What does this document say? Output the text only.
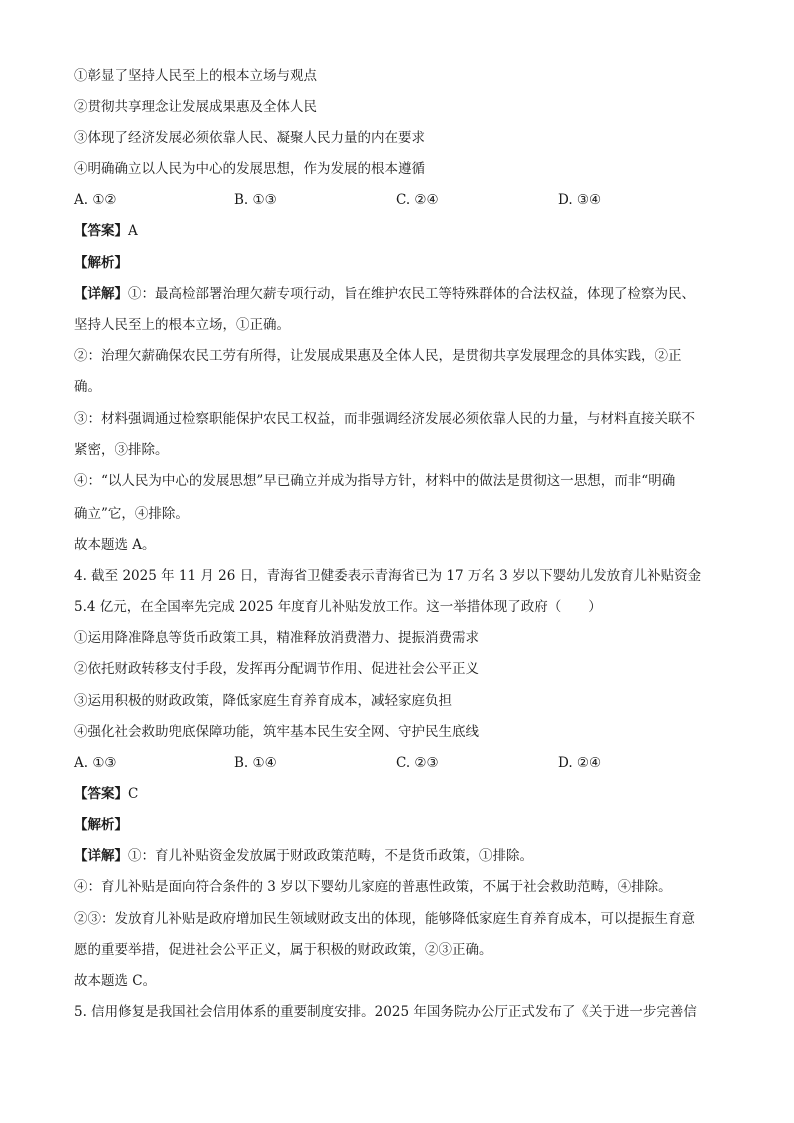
①彰显了坚持人民至上的根本立场与观点
②贯彻共享理念让发展成果惠及全体人民
③体现了经济发展必须依靠人民、凝聚人民力量的内在要求
④明确确立以人民为中心的发展思想，作为发展的根本遵循
A. ①②	B. ①③	C. ②④	D. ③④
【答案】A
【解析】
【详解】①：最高检部署治理欠薪专项行动，旨在维护农民工等特殊群体的合法权益，体现了检察为民、
坚持人民至上的根本立场，①正确。
②：治理欠薪确保农民工劳有所得，让发展成果惠及全体人民，是贯彻共享发展理念的具体实践，②正
确。
③：材料强调通过检察职能保护农民工权益，而非强调经济发展必须依靠人民的力量，与材料直接关联不
紧密，③排除。
④：“以人民为中心的发展思想”早已确立并成为指导方针，材料中的做法是贯彻这一思想，而非“明确
确立”它，④排除。
故本题选 A。
4. 截至 2025 年 11 月 26 日，青海省卫健委表示青海省已为 17 万名 3 岁以下婴幼儿发放育儿补贴资金
5.4 亿元，在全国率先完成 2025 年度育儿补贴发放工作。这一举措体现了政府（　　）
①运用降准降息等货币政策工具，精准释放消费潜力、提振消费需求
②依托财政转移支付手段，发挥再分配调节作用、促进社会公平正义
③运用积极的财政政策，降低家庭生育养育成本，减轻家庭负担
④强化社会救助兜底保障功能，筑牢基本民生安全网、守护民生底线
A. ①③	B. ①④	C. ②③	D. ②④
【答案】C
【解析】
【详解】①：育儿补贴资金发放属于财政政策范畴，不是货币政策，①排除。
④：育儿补贴是面向符合条件的 3 岁以下婴幼儿家庭的普惠性政策，不属于社会救助范畴，④排除。
②③：发放育儿补贴是政府增加民生领域财政支出的体现，能够降低家庭生育养育成本，可以提振生育意
愿的重要举措，促进社会公平正义，属于积极的财政政策，②③正确。
故本题选 C。
5. 信用修复是我国社会信用体系的重要制度安排。2025 年国务院办公厅正式发布了《关于进一步完善信
